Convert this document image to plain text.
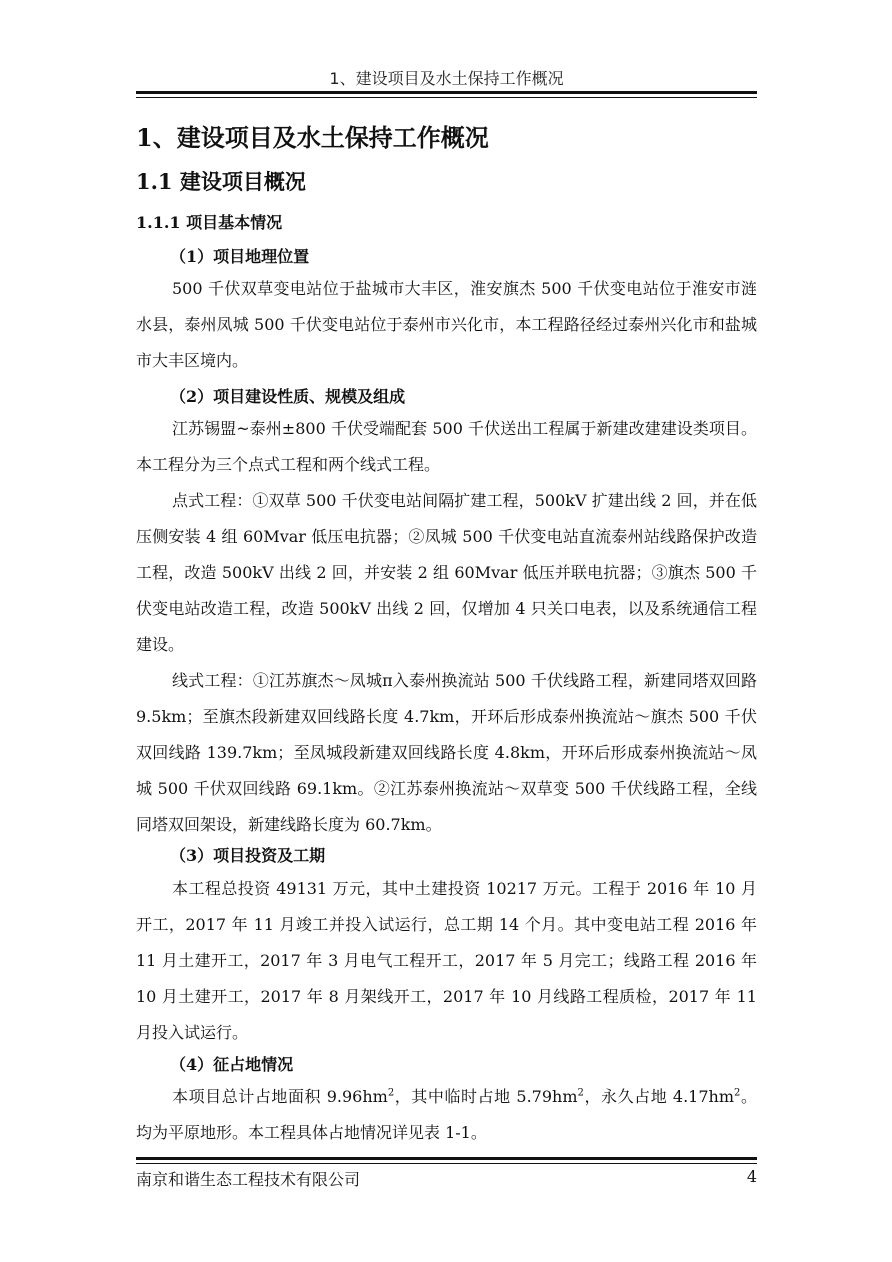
1、建设项目及水土保持工作概况
1、建设项目及水土保持工作概况
1.1 建设项目概况
1.1.1 项目基本情况
（1）项目地理位置

500 千伏双草变电站位于盐城市大丰区，淮安旗杰 500 千伏变电站位于淮安市涟水县，泰州凤城 500 千伏变电站位于泰州市兴化市，本工程路径经过泰州兴化市和盐城市大丰区境内。

（2）项目建设性质、规模及组成

江苏锡盟~泰州±800 千伏受端配套 500 千伏送出工程属于新建改建建设类项目。本工程分为三个点式工程和两个线式工程。

点式工程：①双草 500 千伏变电站间隔扩建工程，500kV 扩建出线 2 回，并在低压侧安装 4 组 60Mvar 低压电抗器；②凤城 500 千伏变电站直流泰州站线路保护改造工程，改造 500kV 出线 2 回，并安装 2 组 60Mvar 低压并联电抗器；③旗杰 500 千伏变电站改造工程，改造 500kV 出线 2 回，仅增加 4 只关口电表，以及系统通信工程建设。

线式工程：①江苏旗杰～凤城π入泰州换流站 500 千伏线路工程，新建同塔双回路 9.5km；至旗杰段新建双回线路长度 4.7km，开环后形成泰州换流站～旗杰 500 千伏双回线路 139.7km；至凤城段新建双回线路长度 4.8km，开环后形成泰州换流站～凤城 500 千伏双回线路 69.1km。②江苏泰州换流站～双草变 500 千伏线路工程，全线同塔双回架设，新建线路长度为 60.7km。

（3）项目投资及工期

本工程总投资 49131 万元，其中土建投资 10217 万元。工程于 2016 年 10 月开工，2017 年 11 月竣工并投入试运行，总工期 14 个月。其中变电站工程 2016 年 11 月土建开工，2017 年 3 月电气工程开工，2017 年 5 月完工；线路工程 2016 年 10 月土建开工，2017 年 8 月架线开工，2017 年 10 月线路工程质检，2017 年 11 月投入试运行。

（4）征占地情况

本项目总计占地面积 $9.96hm^2$，其中临时占地 $5.79hm^2$，永久占地 $4.17hm^2$。均为平原地形。本工程具体占地情况详见表 1-1。

南京和谐生态工程技术有限公司	4
